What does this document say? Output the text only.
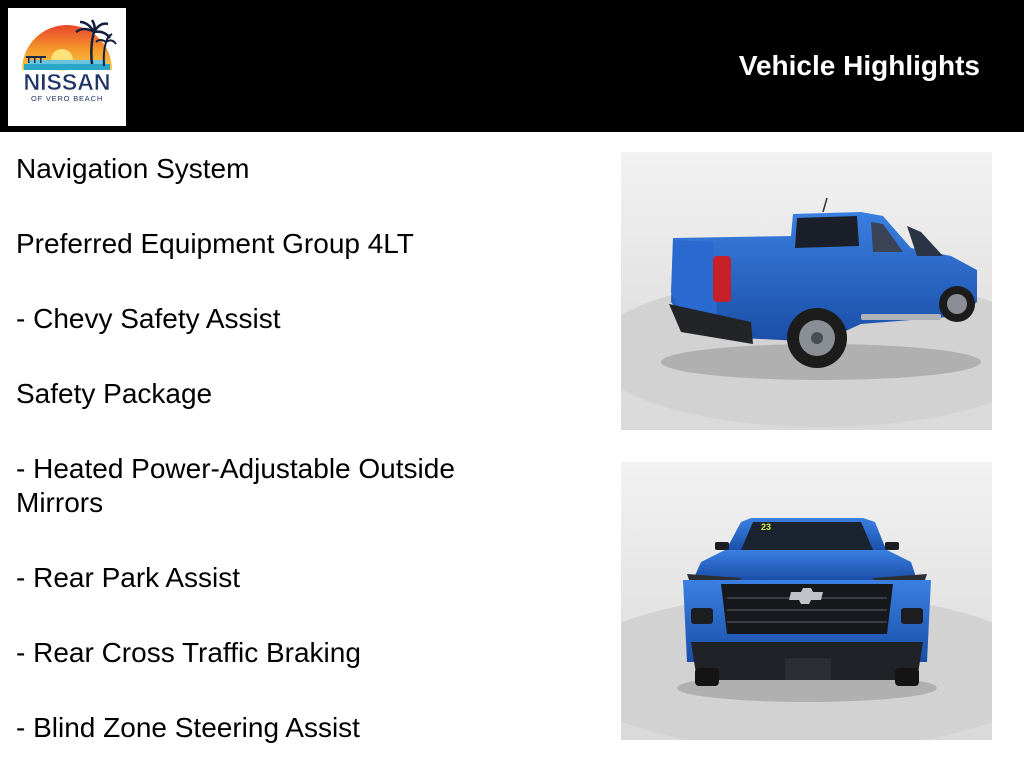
NISSAN
OF VERO BEACH
Vehicle Highlights
Navigation System
Preferred Equipment Group 4LT
- Chevy Safety Assist
Safety Package
- Heated Power-Adjustable Outside Mirrors
- Rear Park Assist
- Rear Cross Traffic Braking
- Blind Zone Steering Assist
23
